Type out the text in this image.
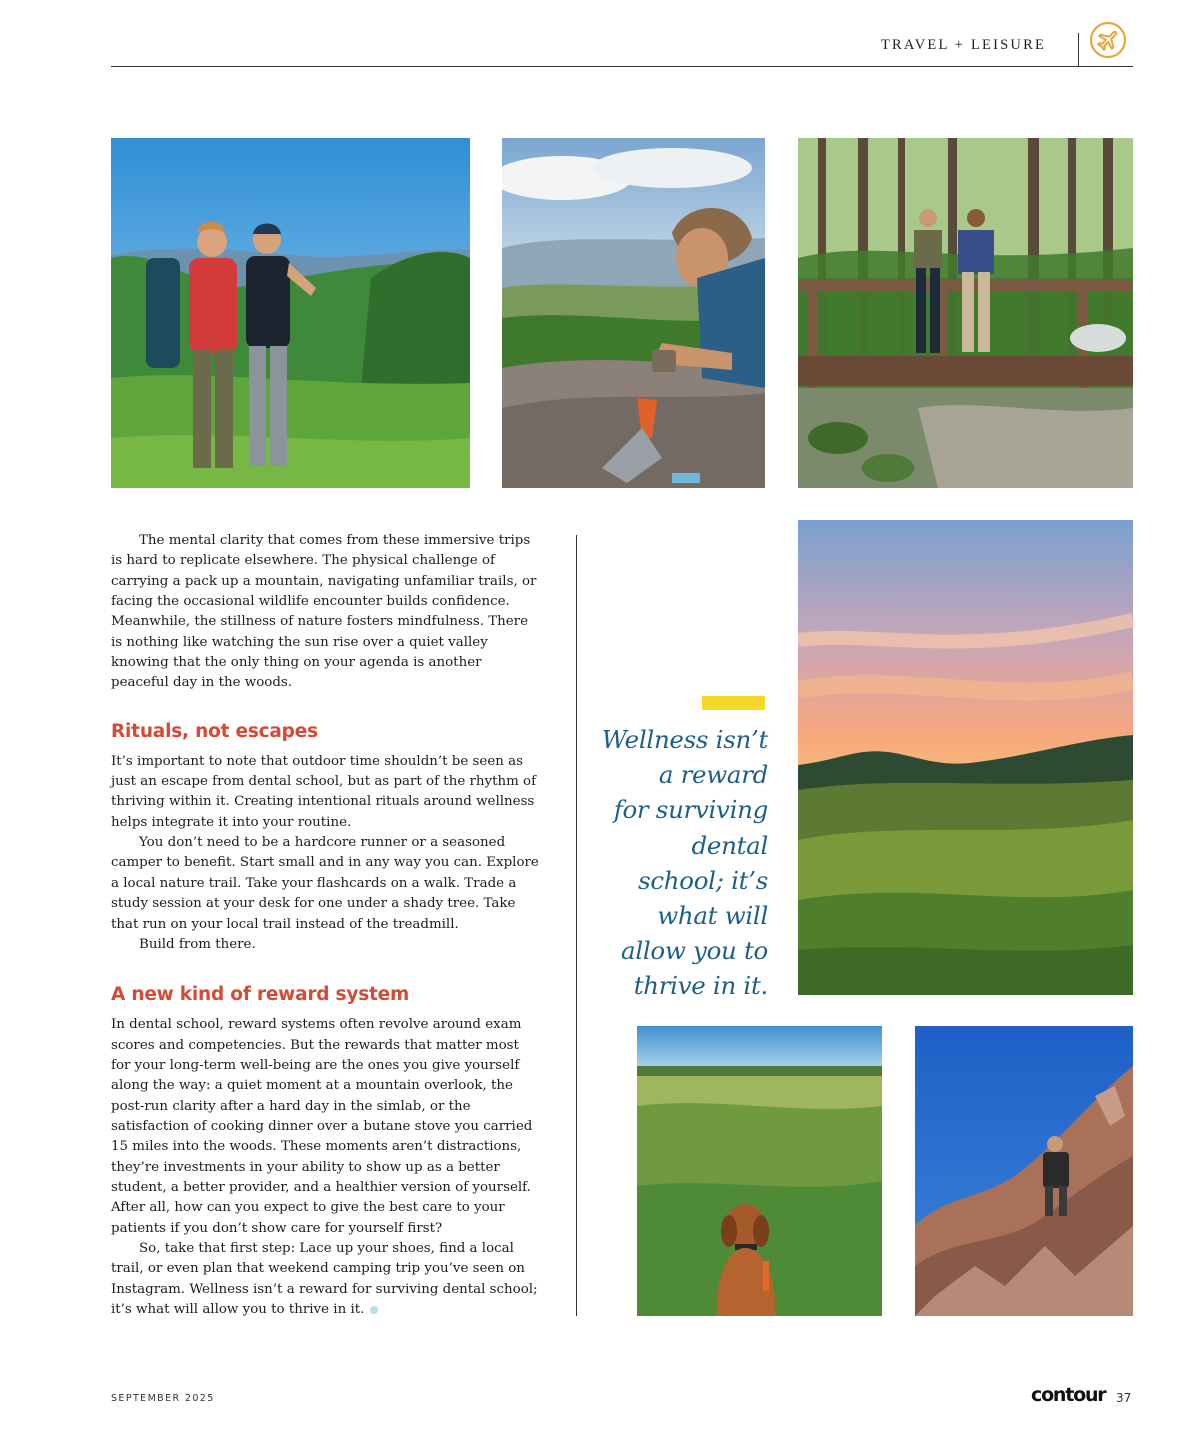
TRAVEL + LEISURE

The mental clarity that comes from these immersive trips is hard to replicate elsewhere. The physical challenge of carrying a pack up a mountain, navigating unfamiliar trails, or facing the occasional wildlife encounter builds confidence. Meanwhile, the stillness of nature fosters mindfulness. There is nothing like watching the sun rise over a quiet valley knowing that the only thing on your agenda is another peaceful day in the woods.

Rituals, not escapes

It’s important to note that outdoor time shouldn’t be seen as just an escape from dental school, but as part of the rhythm of thriving within it. Creating intentional rituals around wellness helps integrate it into your routine.

You don’t need to be a hardcore runner or a seasoned camper to benefit. Start small and in any way you can. Explore a local nature trail. Take your flashcards on a walk. Trade a study session at your desk for one under a shady tree. Take that run on your local trail instead of the treadmill.

Build from there.

A new kind of reward system

In dental school, reward systems often revolve around exam scores and competencies. But the rewards that matter most for your long-term well-being are the ones you give yourself along the way: a quiet moment at a mountain overlook, the post-run clarity after a hard day in the simlab, or the satisfaction of cooking dinner over a butane stove you carried 15 miles into the woods. These moments aren’t distractions, they’re investments in your ability to show up as a better student, a better provider, and a healthier version of yourself. After all, how can you expect to give the best care to your patients if you don’t show care for yourself first?

So, take that first step: Lace up your shoes, find a local trail, or even plan that weekend camping trip you’ve seen on Instagram. Wellness isn’t a reward for surviving dental school; it’s what will allow you to thrive in it.

Wellness isn’t
a reward
for surviving
dental
school; it’s
what will
allow you to
thrive in it.
SEPTEMBER 2025	contour 37
